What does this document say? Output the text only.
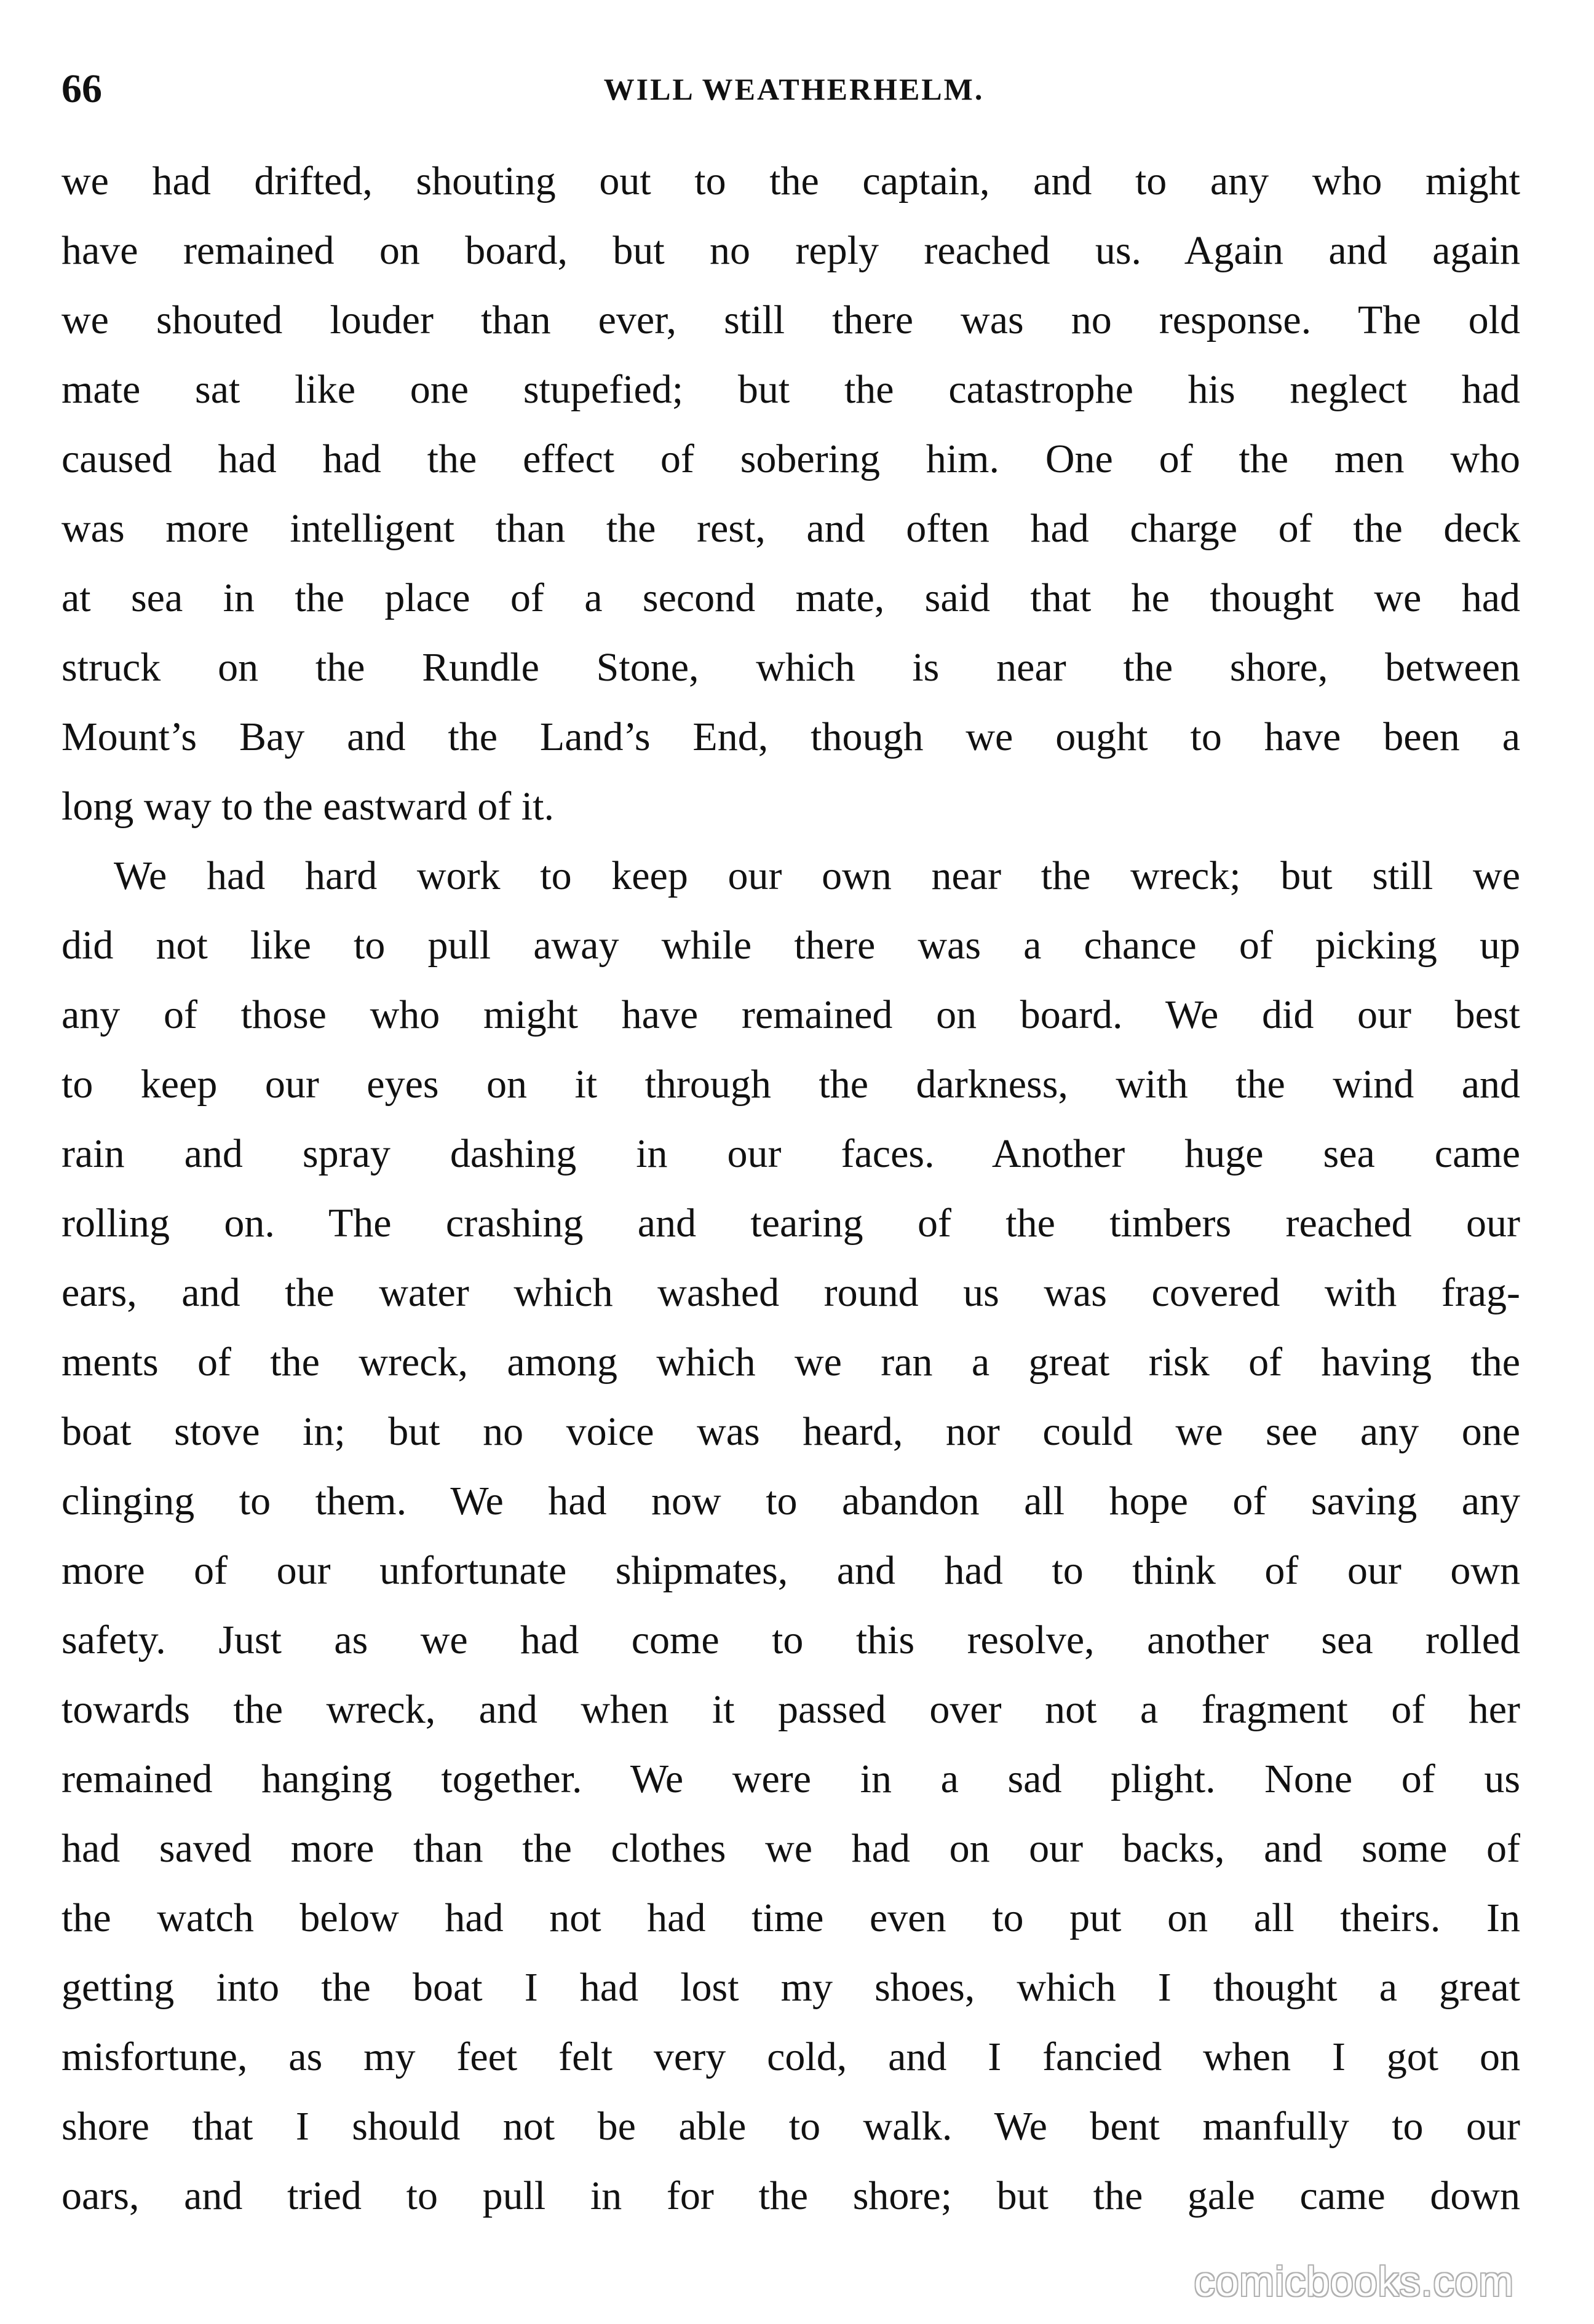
66	WILL WEATHERHELM.
we had drifted, shouting out to the captain, and to any who might
have remained on board, but no reply reached us. Again and again
we shouted louder than ever, still there was no response. The old
mate sat like one stupefied; but the catastrophe his neglect had
caused had had the effect of sobering him. One of the men who
was more intelligent than the rest, and often had charge of the deck
at sea in the place of a second mate, said that he thought we had
struck on the Rundle Stone, which is near the shore, between
Mount’s Bay and the Land’s End, though we ought to have been a
long way to the eastward of it.
We had hard work to keep our own near the wreck; but still we
did not like to pull away while there was a chance of picking up
any of those who might have remained on board. We did our best
to keep our eyes on it through the darkness, with the wind and
rain and spray dashing in our faces. Another huge sea came
rolling on. The crashing and tearing of the timbers reached our
ears, and the water which washed round us was covered with frag-
ments of the wreck, among which we ran a great risk of having the
boat stove in; but no voice was heard, nor could we see any one
clinging to them. We had now to abandon all hope of saving any
more of our unfortunate shipmates, and had to think of our own
safety. Just as we had come to this resolve, another sea rolled
towards the wreck, and when it passed over not a fragment of her
remained hanging together. We were in a sad plight. None of us
had saved more than the clothes we had on our backs, and some of
the watch below had not had time even to put on all theirs. In
getting into the boat I had lost my shoes, which I thought a great
misfortune, as my feet felt very cold, and I fancied when I got on
shore that I should not be able to walk. We bent manfully to our
oars, and tried to pull in for the shore; but the gale came down
comicbooks.com
